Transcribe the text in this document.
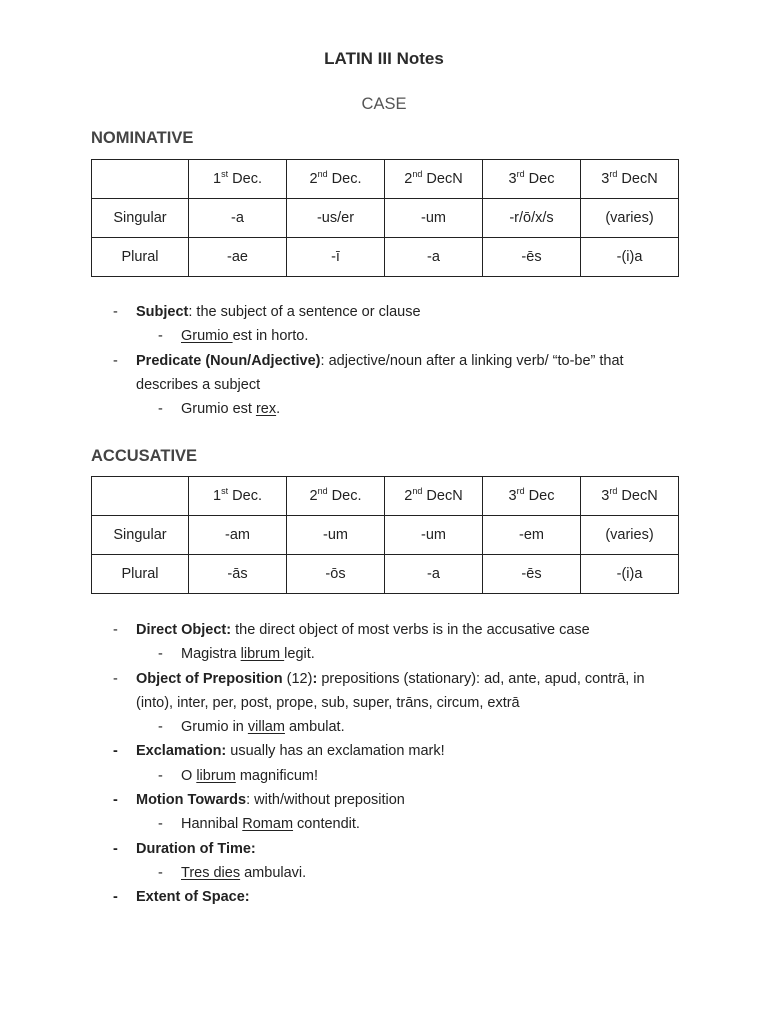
LATIN III Notes
CASE
NOMINATIVE
	1st Dec.	2nd Dec.	2nd DecN	3rd Dec	3rd DecN
Singular	-a	-us/er	-um	-r/ō/x/s	(varies)
Plural	-ae	-ī	-a	-ēs	-(i)a
-	Subject: the subject of a sentence or clause
-	Grumio est in horto.
-	Predicate (Noun/Adjective): adjective/noun after a linking verb/ “to-be” that
describes a subject
-	Grumio est rex.
ACCUSATIVE
	1st Dec.	2nd Dec.	2nd DecN	3rd Dec	3rd DecN
Singular	-am	-um	-um	-em	(varies)
Plural	-ās	-ōs	-a	-ēs	-(i)a
-	Direct Object: the direct object of most verbs is in the accusative case
-	Magistra librum legit.
-	Object of Preposition (12): prepositions (stationary): ad, ante, apud, contrā, in
(into), inter, per, post, prope, sub, super, trāns, circum, extrā
-	Grumio in villam ambulat.
-	Exclamation: usually has an exclamation mark!
-	O librum magnificum!
-	Motion Towards: with/without preposition
-	Hannibal Romam contendit.
-	Duration of Time:
-	Tres dies ambulavi.
-	Extent of Space:
